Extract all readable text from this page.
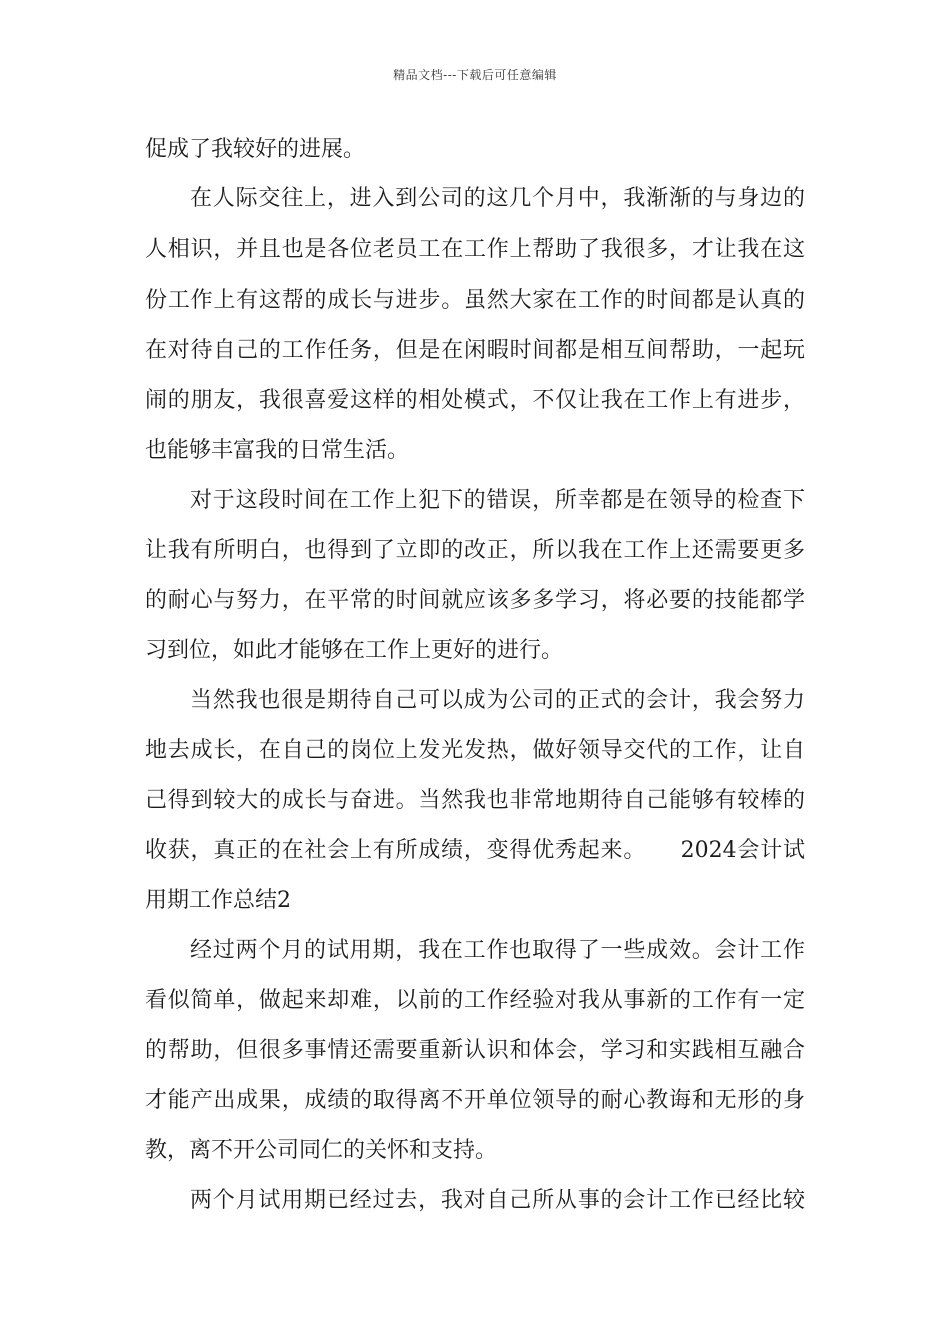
精品文档---下载后可任意编辑
促成了我较好的进展。
在人际交往上，进入到公司的这几个月中，我渐渐的与身边的
人相识，并且也是各位老员工在工作上帮助了我很多，才让我在这
份工作上有这帮的成长与进步。虽然大家在工作的时间都是认真的
在对待自己的工作任务，但是在闲暇时间都是相互间帮助，一起玩
闹的朋友，我很喜爱这样的相处模式，不仅让我在工作上有进步，
也能够丰富我的日常生活。
对于这段时间在工作上犯下的错误，所幸都是在领导的检查下
让我有所明白，也得到了立即的改正，所以我在工作上还需要更多
的耐心与努力，在平常的时间就应该多多学习，将必要的技能都学
习到位，如此才能够在工作上更好的进行。
当然我也很是期待自己可以成为公司的正式的会计，我会努力
地去成长，在自己的岗位上发光发热，做好领导交代的工作，让自
己得到较大的成长与奋进。当然我也非常地期待自己能够有较棒的
收获，真正的在社会上有所成绩，变得优秀起来。　　2024会计试
用期工作总结2
经过两个月的试用期，我在工作也取得了一些成效。会计工作
看似简单，做起来却难，以前的工作经验对我从事新的工作有一定
的帮助，但很多事情还需要重新认识和体会，学习和实践相互融合
才能产出成果，成绩的取得离不开单位领导的耐心教诲和无形的身
教，离不开公司同仁的关怀和支持。
两个月试用期已经过去，我对自己所从事的会计工作已经比较
